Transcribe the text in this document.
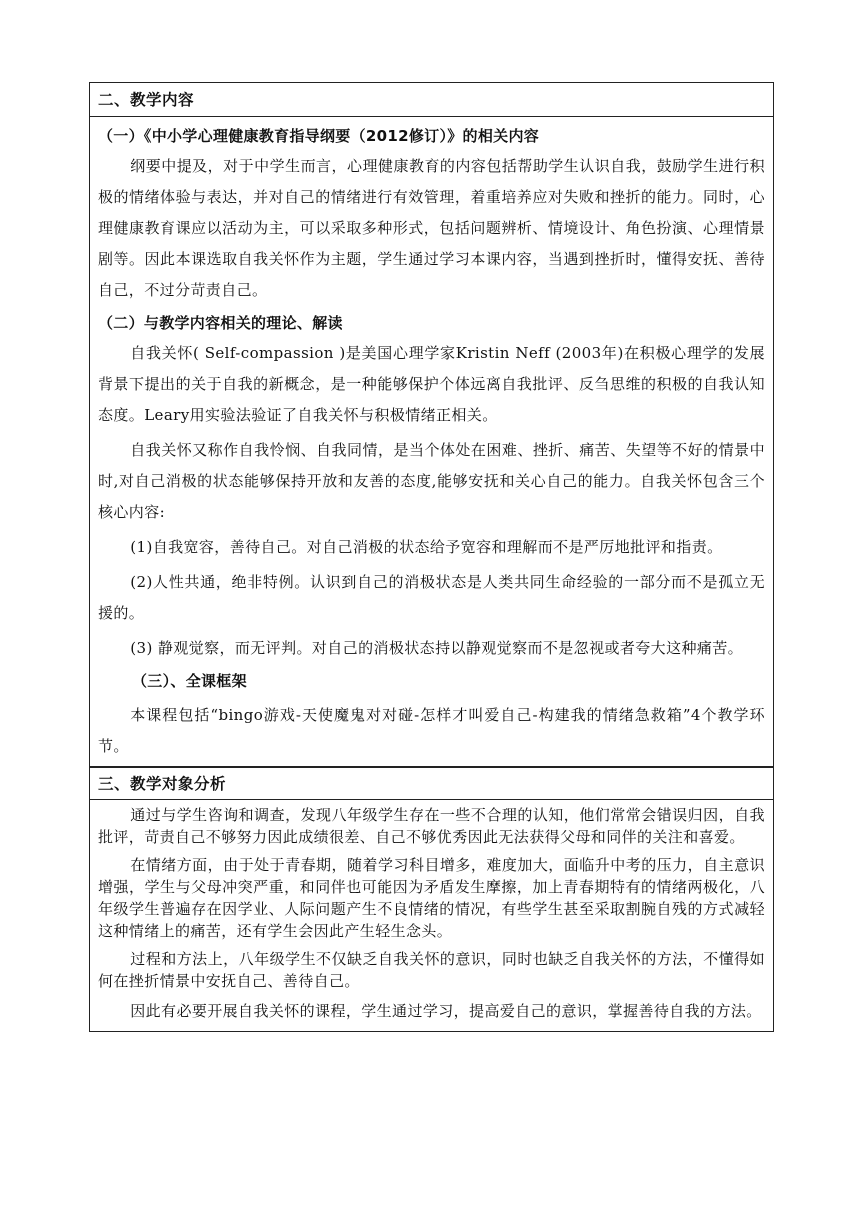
二、教学内容
（一）《中小学心理健康教育指导纲要（2012修订）》的相关内容

纲要中提及，对于中学生而言，心理健康教育的内容包括帮助学生认识自我，鼓励学生进行积极的情绪体验与表达，并对自己的情绪进行有效管理，着重培养应对失败和挫折的能力。同时，心理健康教育课应以活动为主，可以采取多种形式，包括问题辨析、情境设计、角色扮演、心理情景剧等。因此本课选取自我关怀作为主题，学生通过学习本课内容，当遇到挫折时，懂得安抚、善待自己，不过分苛责自己。

（二）与教学内容相关的理论、解读

自我关怀( Self-compassion )是美国心理学家Kristin Neff (2003年)在积极心理学的发展背景下提出的关于自我的新概念，是一种能够保护个体远离自我批评、反刍思维的积极的自我认知态度。Leary用实验法验证了自我关怀与积极情绪正相关。

自我关怀又称作自我怜悯、自我同情，是当个体处在困难、挫折、痛苦、失望等不好的情景中时,对自己消极的状态能够保持开放和友善的态度,能够安抚和关心自己的能力。自我关怀包含三个核心内容:

(1)自我宽容，善待自己。对自己消极的状态给予宽容和理解而不是严厉地批评和指责。

(2)人性共通，绝非特例。认识到自己的消极状态是人类共同生命经验的一部分而不是孤立无援的。

(3) 静观觉察，而无评判。对自己的消极状态持以静观觉察而不是忽视或者夸大这种痛苦。

（三）、全课框架

本课程包括“bingo游戏-天使魔鬼对对碰-怎样才叫爱自己-构建我的情绪急救箱”4个教学环节。

三、教学对象分析

通过与学生咨询和调查，发现八年级学生存在一些不合理的认知，他们常常会错误归因，自我批评，苛责自己不够努力因此成绩很差、自己不够优秀因此无法获得父母和同伴的关注和喜爱。

在情绪方面，由于处于青春期，随着学习科目增多，难度加大，面临升中考的压力，自主意识增强，学生与父母冲突严重，和同伴也可能因为矛盾发生摩擦，加上青春期特有的情绪两极化，八年级学生普遍存在因学业、人际问题产生不良情绪的情况，有些学生甚至采取割腕自残的方式减轻这种情绪上的痛苦，还有学生会因此产生轻生念头。

过程和方法上，八年级学生不仅缺乏自我关怀的意识，同时也缺乏自我关怀的方法，不懂得如何在挫折情景中安抚自己、善待自己。

因此有必要开展自我关怀的课程，学生通过学习，提高爱自己的意识，掌握善待自我的方法。
